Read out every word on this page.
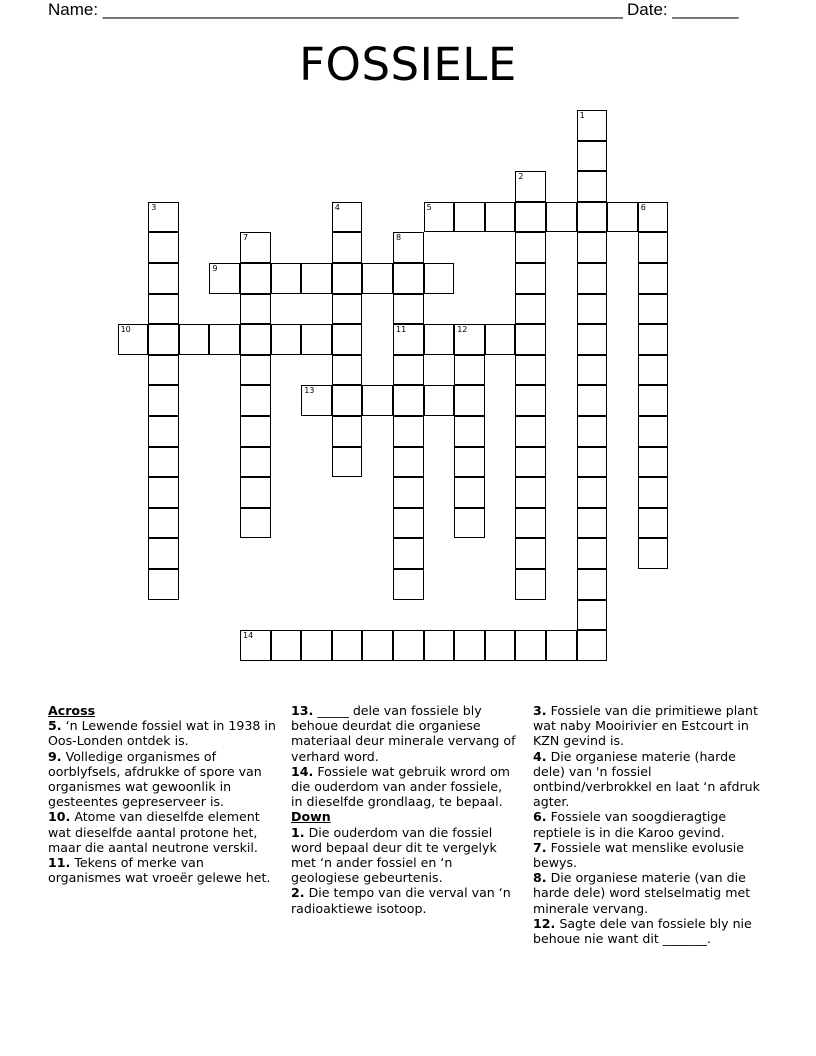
Name: _______________________________________________________ Date: _______
FOSSIELE
1
2
3	4	5	6
7	8
11
9
10	12
13
14
Across

5. ‘n Lewende fossiel wat in 1938 in Oos-Londen ontdek is.

9. Volledige organismes of oorblyfsels, afdrukke of spore van organismes wat gewoonlik in gesteentes gepreserveer is.

10. Atome van dieselfde element wat dieselfde aantal protone het, maar die aantal neutrone verskil.

11. Tekens of merke van organismes wat vroeër gelewe het.

13. _____ dele van fossiele bly behoue deurdat die organiese materiaal deur minerale vervang of verhard word.

14. Fossiele wat gebruik wrord om die ouderdom van ander fossiele, in dieselfde grondlaag, te bepaal.

Down

1. Die ouderdom van die fossiel word bepaal deur dit te vergelyk met ‘n ander fossiel en ‘n geologiese gebeurtenis.

2. Die tempo van die verval van ‘n radioaktiewe isotoop.

3. Fossiele van die primitiewe plant wat naby Mooirivier en Estcourt in KZN gevind is.

4. Die organiese materie (harde dele) van 'n fossiel ontbind/verbrokkel en laat ‘n afdruk agter.

6. Fossiele van soogdieragtige reptiele is in die Karoo gevind.

7. Fossiele wat menslike evolusie bewys.

8. Die organiese materie (van die harde dele) word stelselmatig met minerale vervang.

12. Sagte dele van fossiele bly nie behoue nie want dit _______.
